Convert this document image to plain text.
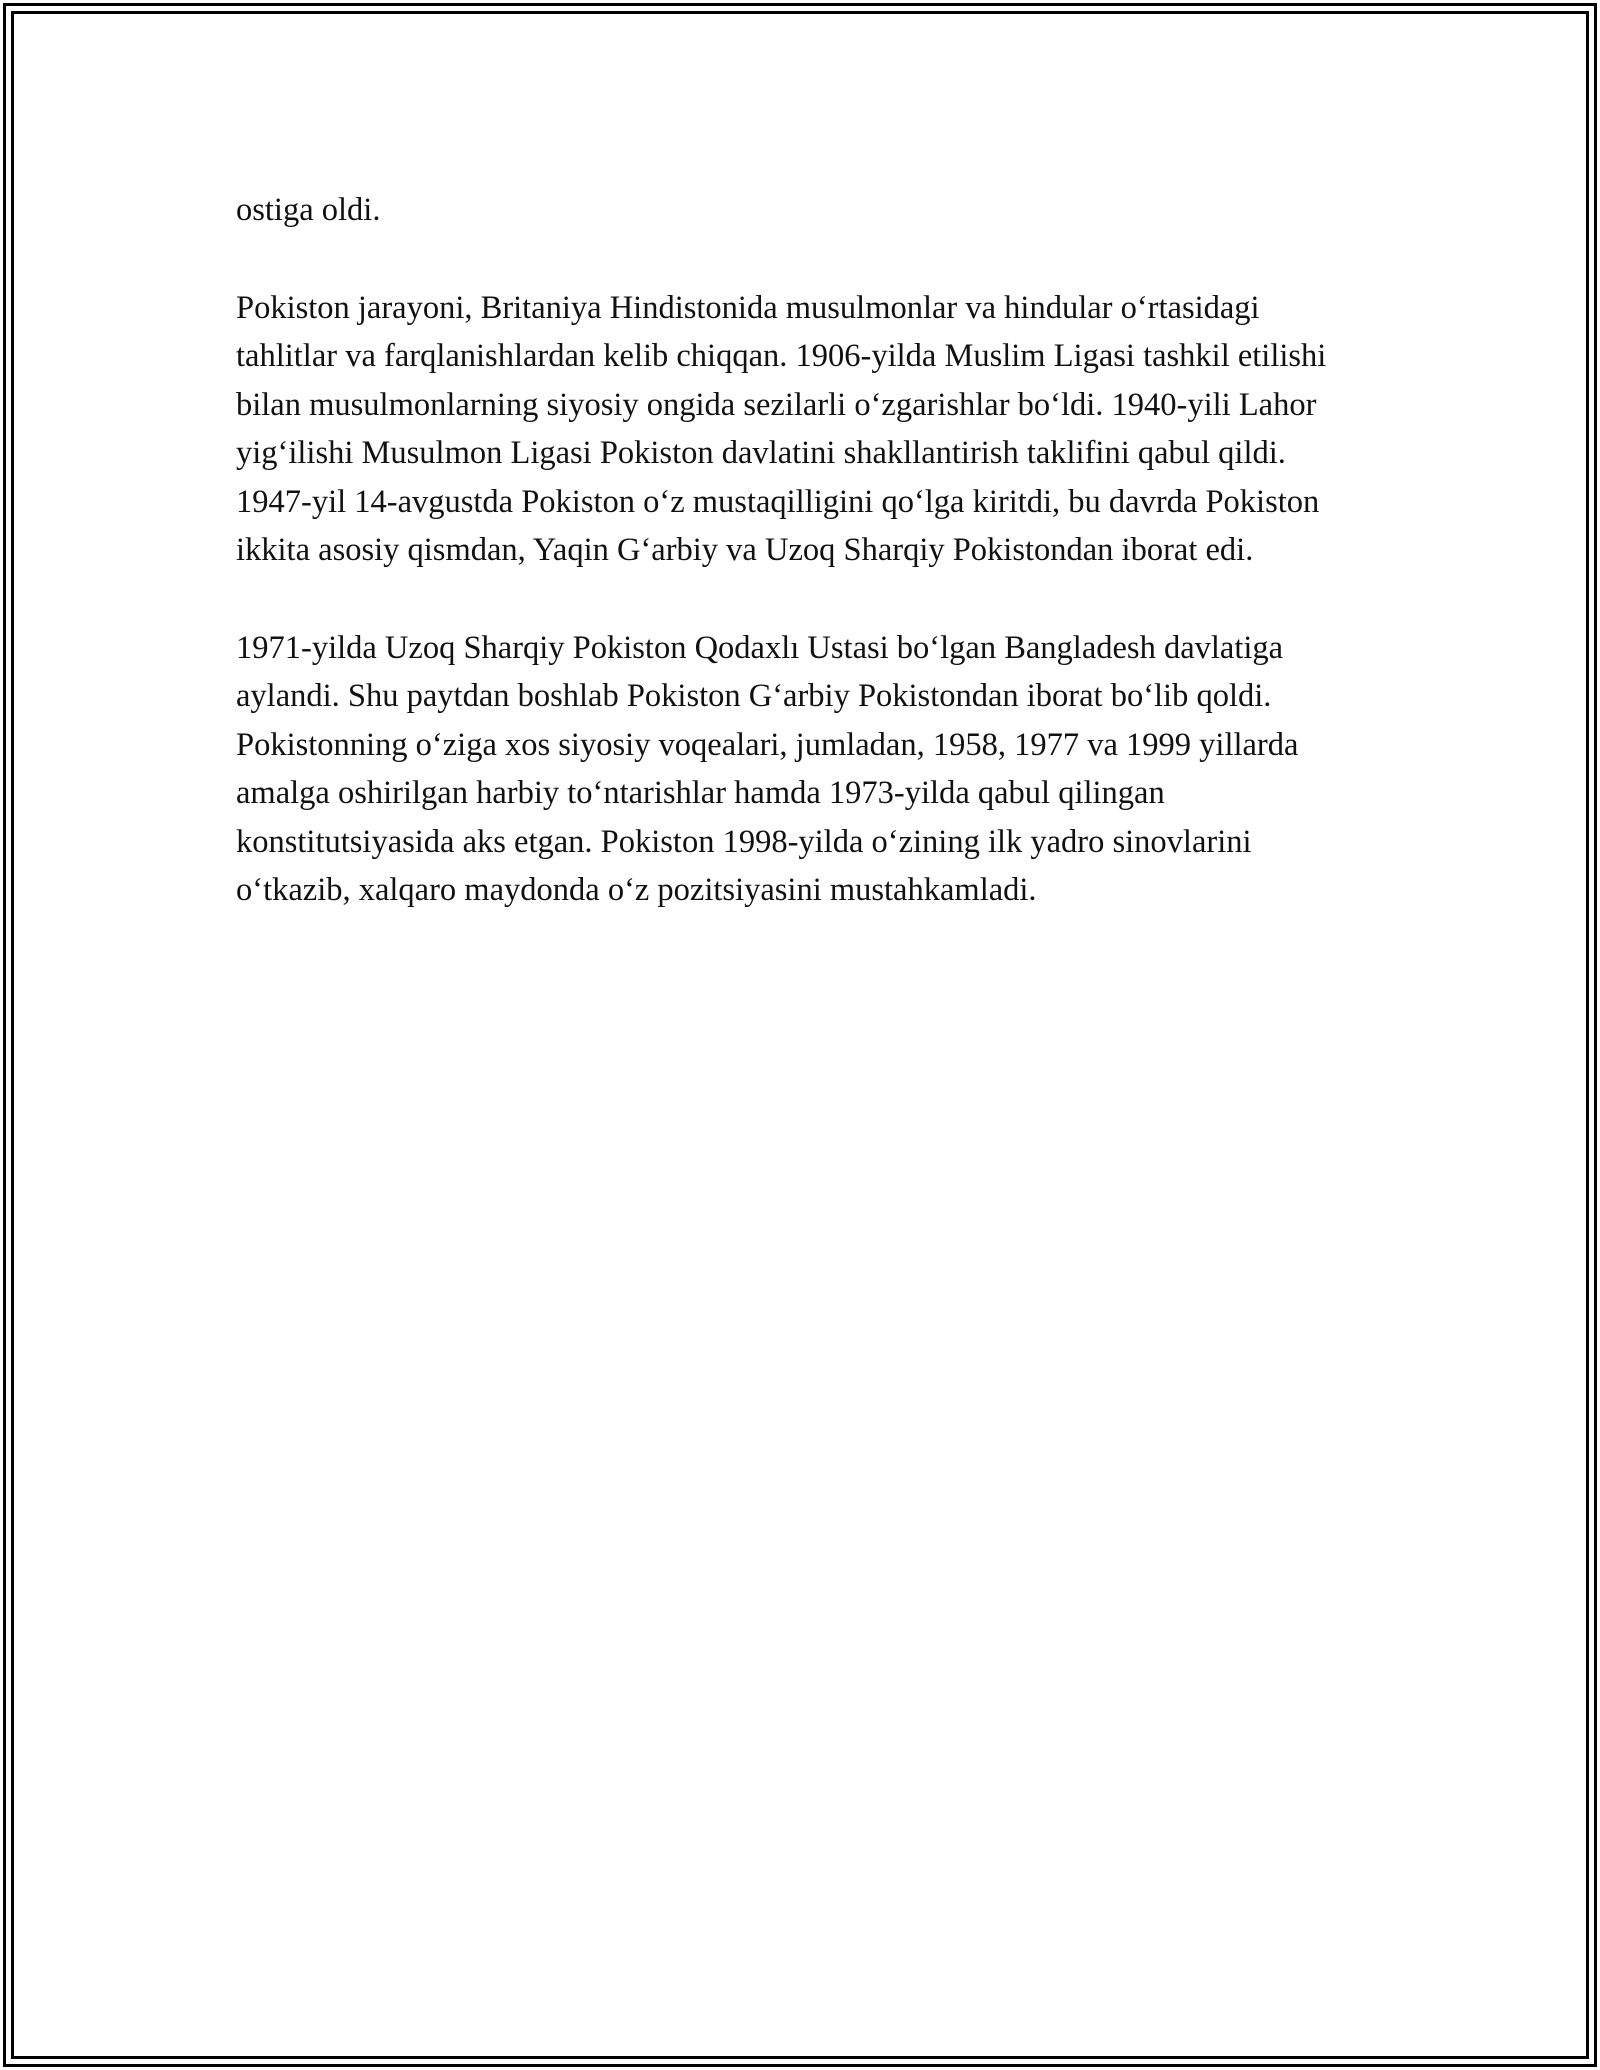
ostiga oldi.

Pokiston jarayoni, Britaniya Hindistonida musulmonlar va hindular o‘rtasidagi tahlitlar va farqlanishlardan kelib chiqqan. 1906-yilda Muslim Ligasi tashkil etilishi bilan musulmonlarning siyosiy ongida sezilarli o‘zgarishlar bo‘ldi. 1940-yili Lahor yig‘ilishi Musulmon Ligasi Pokiston davlatini shakllantirish taklifini qabul qildi. 1947-yil 14-avgustda Pokiston o‘z mustaqilligini qo‘lga kiritdi, bu davrda Pokiston ikkita asosiy qismdan, Yaqin G‘arbiy va Uzoq Sharqiy Pokistondan iborat edi.

1971-yilda Uzoq Sharqiy Pokiston Qodaxlı Ustasi bo‘lgan Bangladesh davlatiga aylandi. Shu paytdan boshlab Pokiston G‘arbiy Pokistondan iborat bo‘lib qoldi. Pokistonning o‘ziga xos siyosiy voqealari, jumladan, 1958, 1977 va 1999 yillarda amalga oshirilgan harbiy to‘ntarishlar hamda 1973-yilda qabul qilingan konstitutsiyasida aks etgan. Pokiston 1998-yilda o‘zining ilk yadro sinovlarini o‘tkazib, xalqaro maydonda o‘z pozitsiyasini mustahkamladi.
